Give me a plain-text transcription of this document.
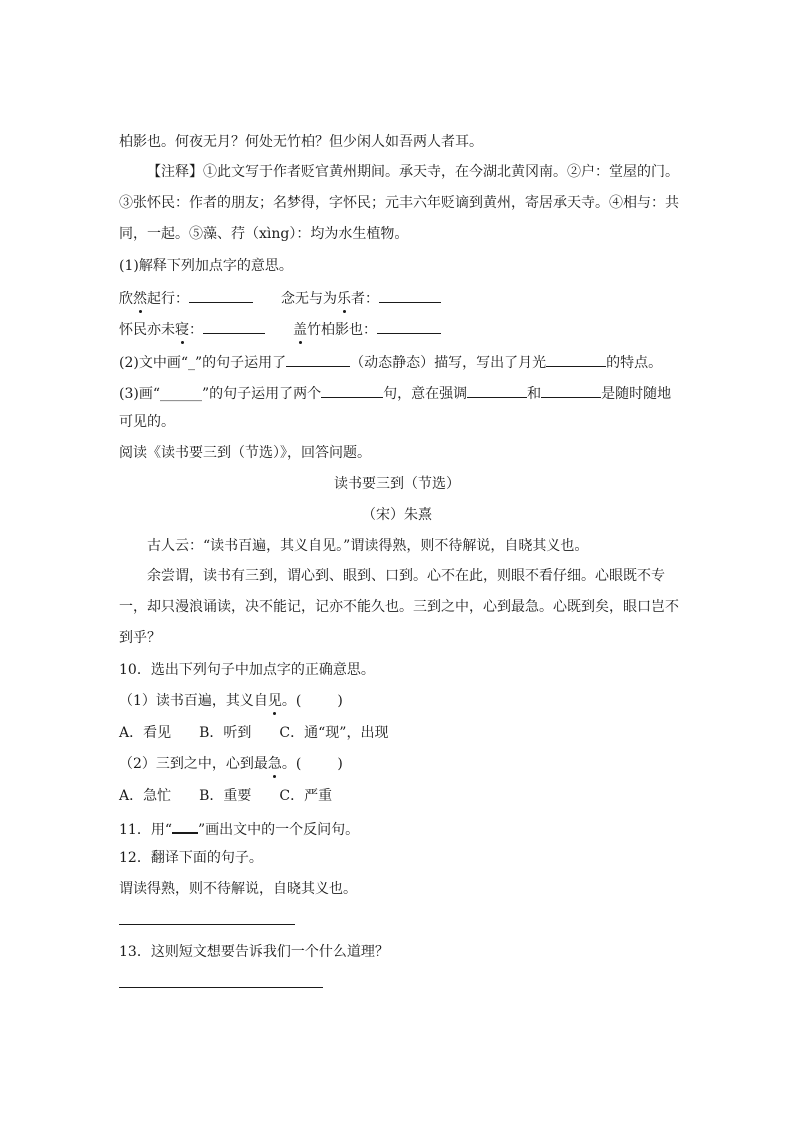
柏影也。何夜无月？何处无竹柏？但少闲人如吾两人者耳。
【注释】①此文写于作者贬官黄州期间。承天寺，在今湖北黄冈南。②户：堂屋的门。
③张怀民：作者的朋友；名梦得，字怀民；元丰六年贬谪到黄州，寄居承天寺。④相与：共
同，一起。⑤藻、荇（xìng）：均为水生植物。
(1)解释下列加点字的意思。
欣然起行：	念无与为乐者：
怀民亦未寝：	盖竹柏影也：
(2)文中画“_”的句子运用了	（动态静态）描写，写出了月光	的特点。
(3)画“______”的句子运用了两个	句，意在强调	和	是随时随地
可见的。
阅读《读书要三到（节选）》，回答问题。
读书要三到（节选）
（宋）朱熹
古人云：“读书百遍，其义自见。”谓读得熟，则不待解说，自晓其义也。
余尝谓，读书有三到，谓心到、眼到、口到。心不在此，则眼不看仔细。心眼既不专
一，却只漫浪诵读，决不能记，记亦不能久也。三到之中，心到最急。心既到矣，眼口岂不
到乎？
10．选出下列句子中加点字的正确意思。
（1）读书百遍，其义自见。(	)
A．看见 B．听到 C．通“现”，出现
（2）三到之中，心到最急。(	)
A．急忙 B．重要 C．严重
11．用“ ”画出文中的一个反问句。
12．翻译下面的句子。
谓读得熟，则不待解说，自晓其义也。
13．这则短文想要告诉我们一个什么道理？
